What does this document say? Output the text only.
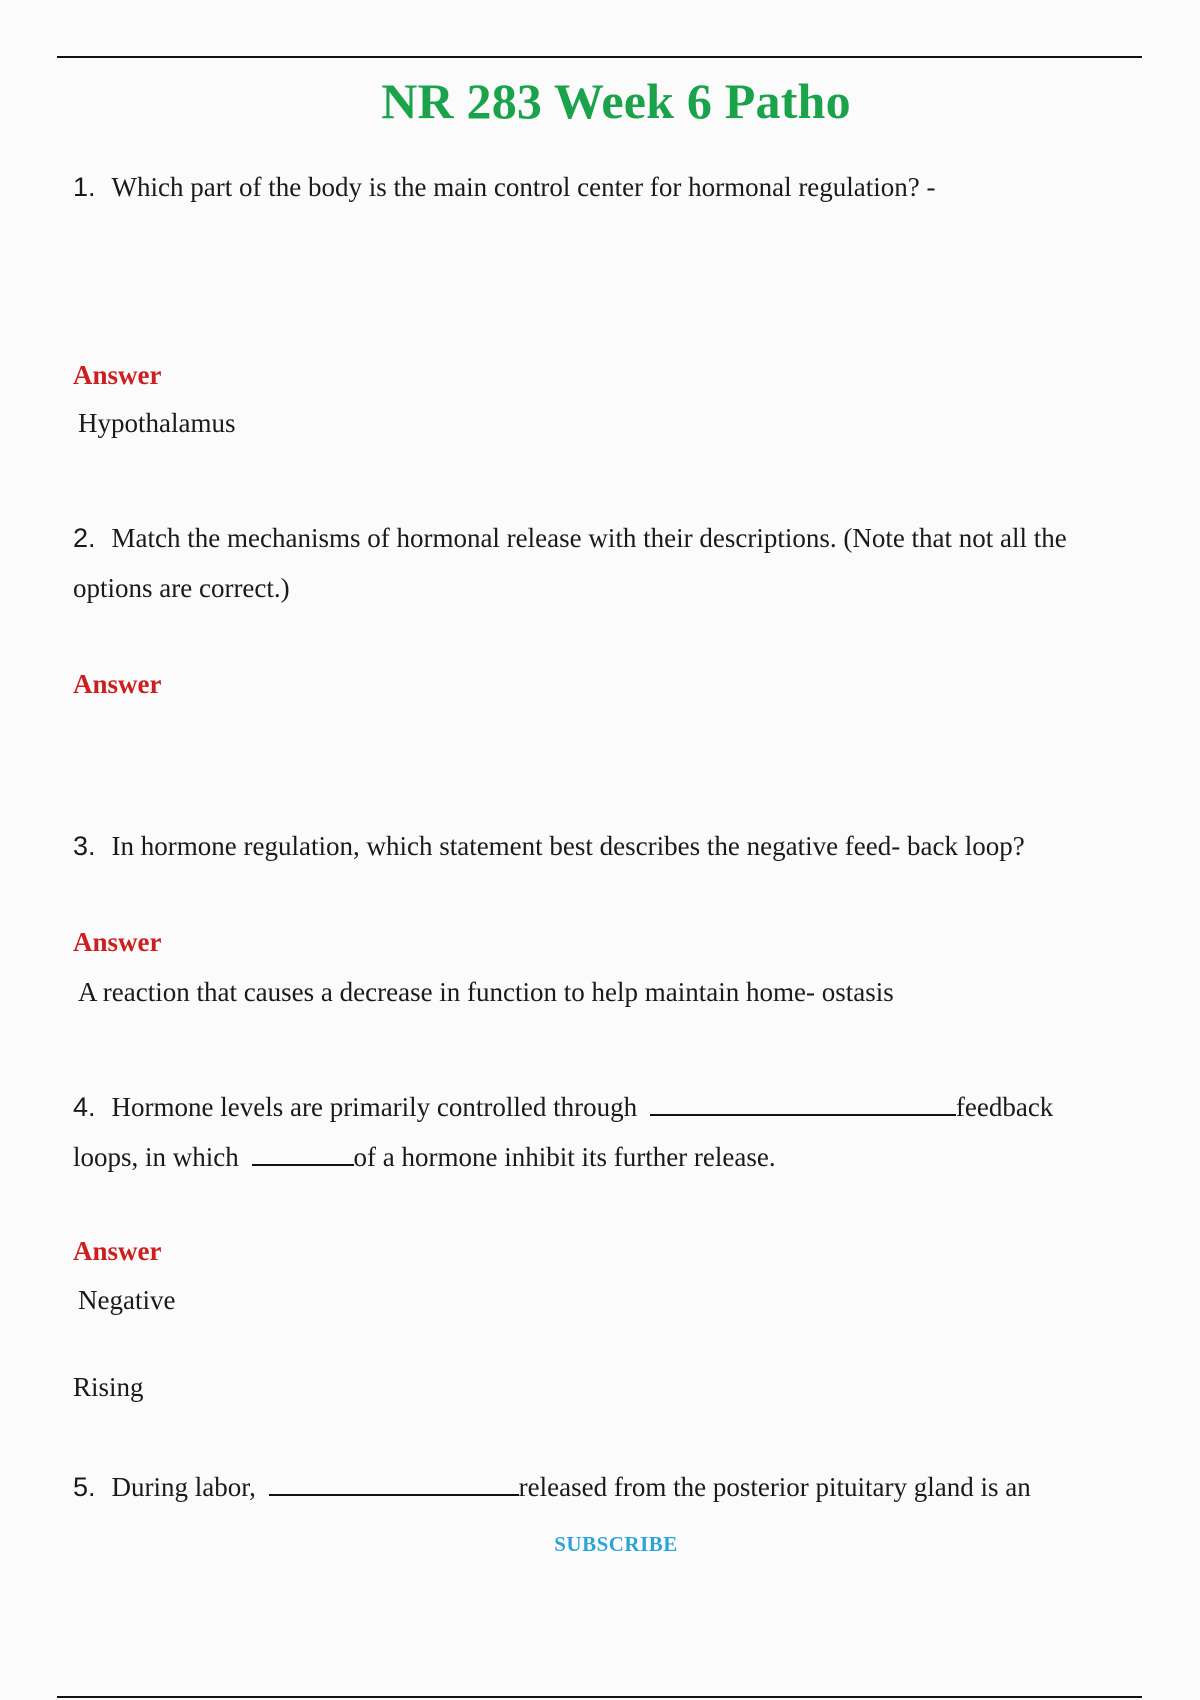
NR 283 Week 6 Patho
1. Which part of the body is the main control center for hormonal regulation? -
Answer
Hypothalamus
2. Match the mechanisms of hormonal release with their descriptions. (Note that not all the
options are correct.)
Answer
3. In hormone regulation, which statement best describes the negative feed- back loop?
Answer
A reaction that causes a decrease in function to help maintain home- ostasis
4. Hormone levels are primarily controlled through	feedback
loops, in which	of a hormone inhibit its further release.
Answer
Negative
Rising
5. During labor,	released from the posterior pituitary gland is an
SUBSCRIBE
